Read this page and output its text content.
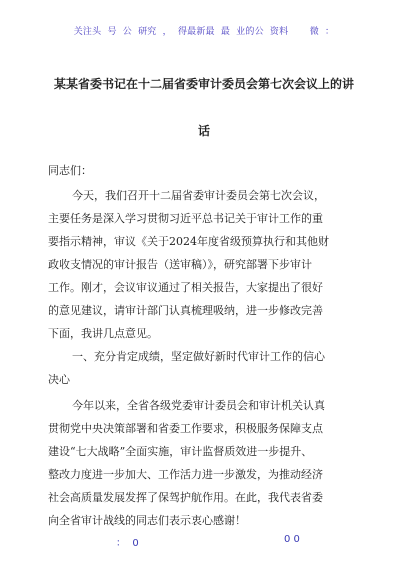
关注头  号  公  研究  ，  得最新最  最  业的公  资料       微  ：
某某省委书记在十二届省委审计委员会第七次会议上的讲
话
同志们：
今天，我们召开十二届省委审计委员会第七次会议，
主要任务是深入学习贯彻习近平总书记关于审计工作的重
要指示精神，审议《关于2024年度省级预算执行和其他财
政收支情况的审计报告（送审稿）》，研究部署下步审计
工作。刚才，会议审议通过了相关报告，大家提出了很好
的意见建议，请审计部门认真梳理吸纳，进一步修改完善
下面，我讲几点意见。
一、充分肯定成绩，坚定做好新时代审计工作的信心
决心
今年以来，全省各级党委审计委员会和审计机关认真
贯彻党中央决策部署和省委工作要求，积极服务保障支点
建设“七大战略”全面实施，审计监督质效进一步提升、
整改力度进一步加大、工作活力进一步激发，为推动经济
社会高质量发展发挥了保驾护航作用。在此，我代表省委
向全省审计战线的同志们表示衷心感谢！
：  0	0 0
